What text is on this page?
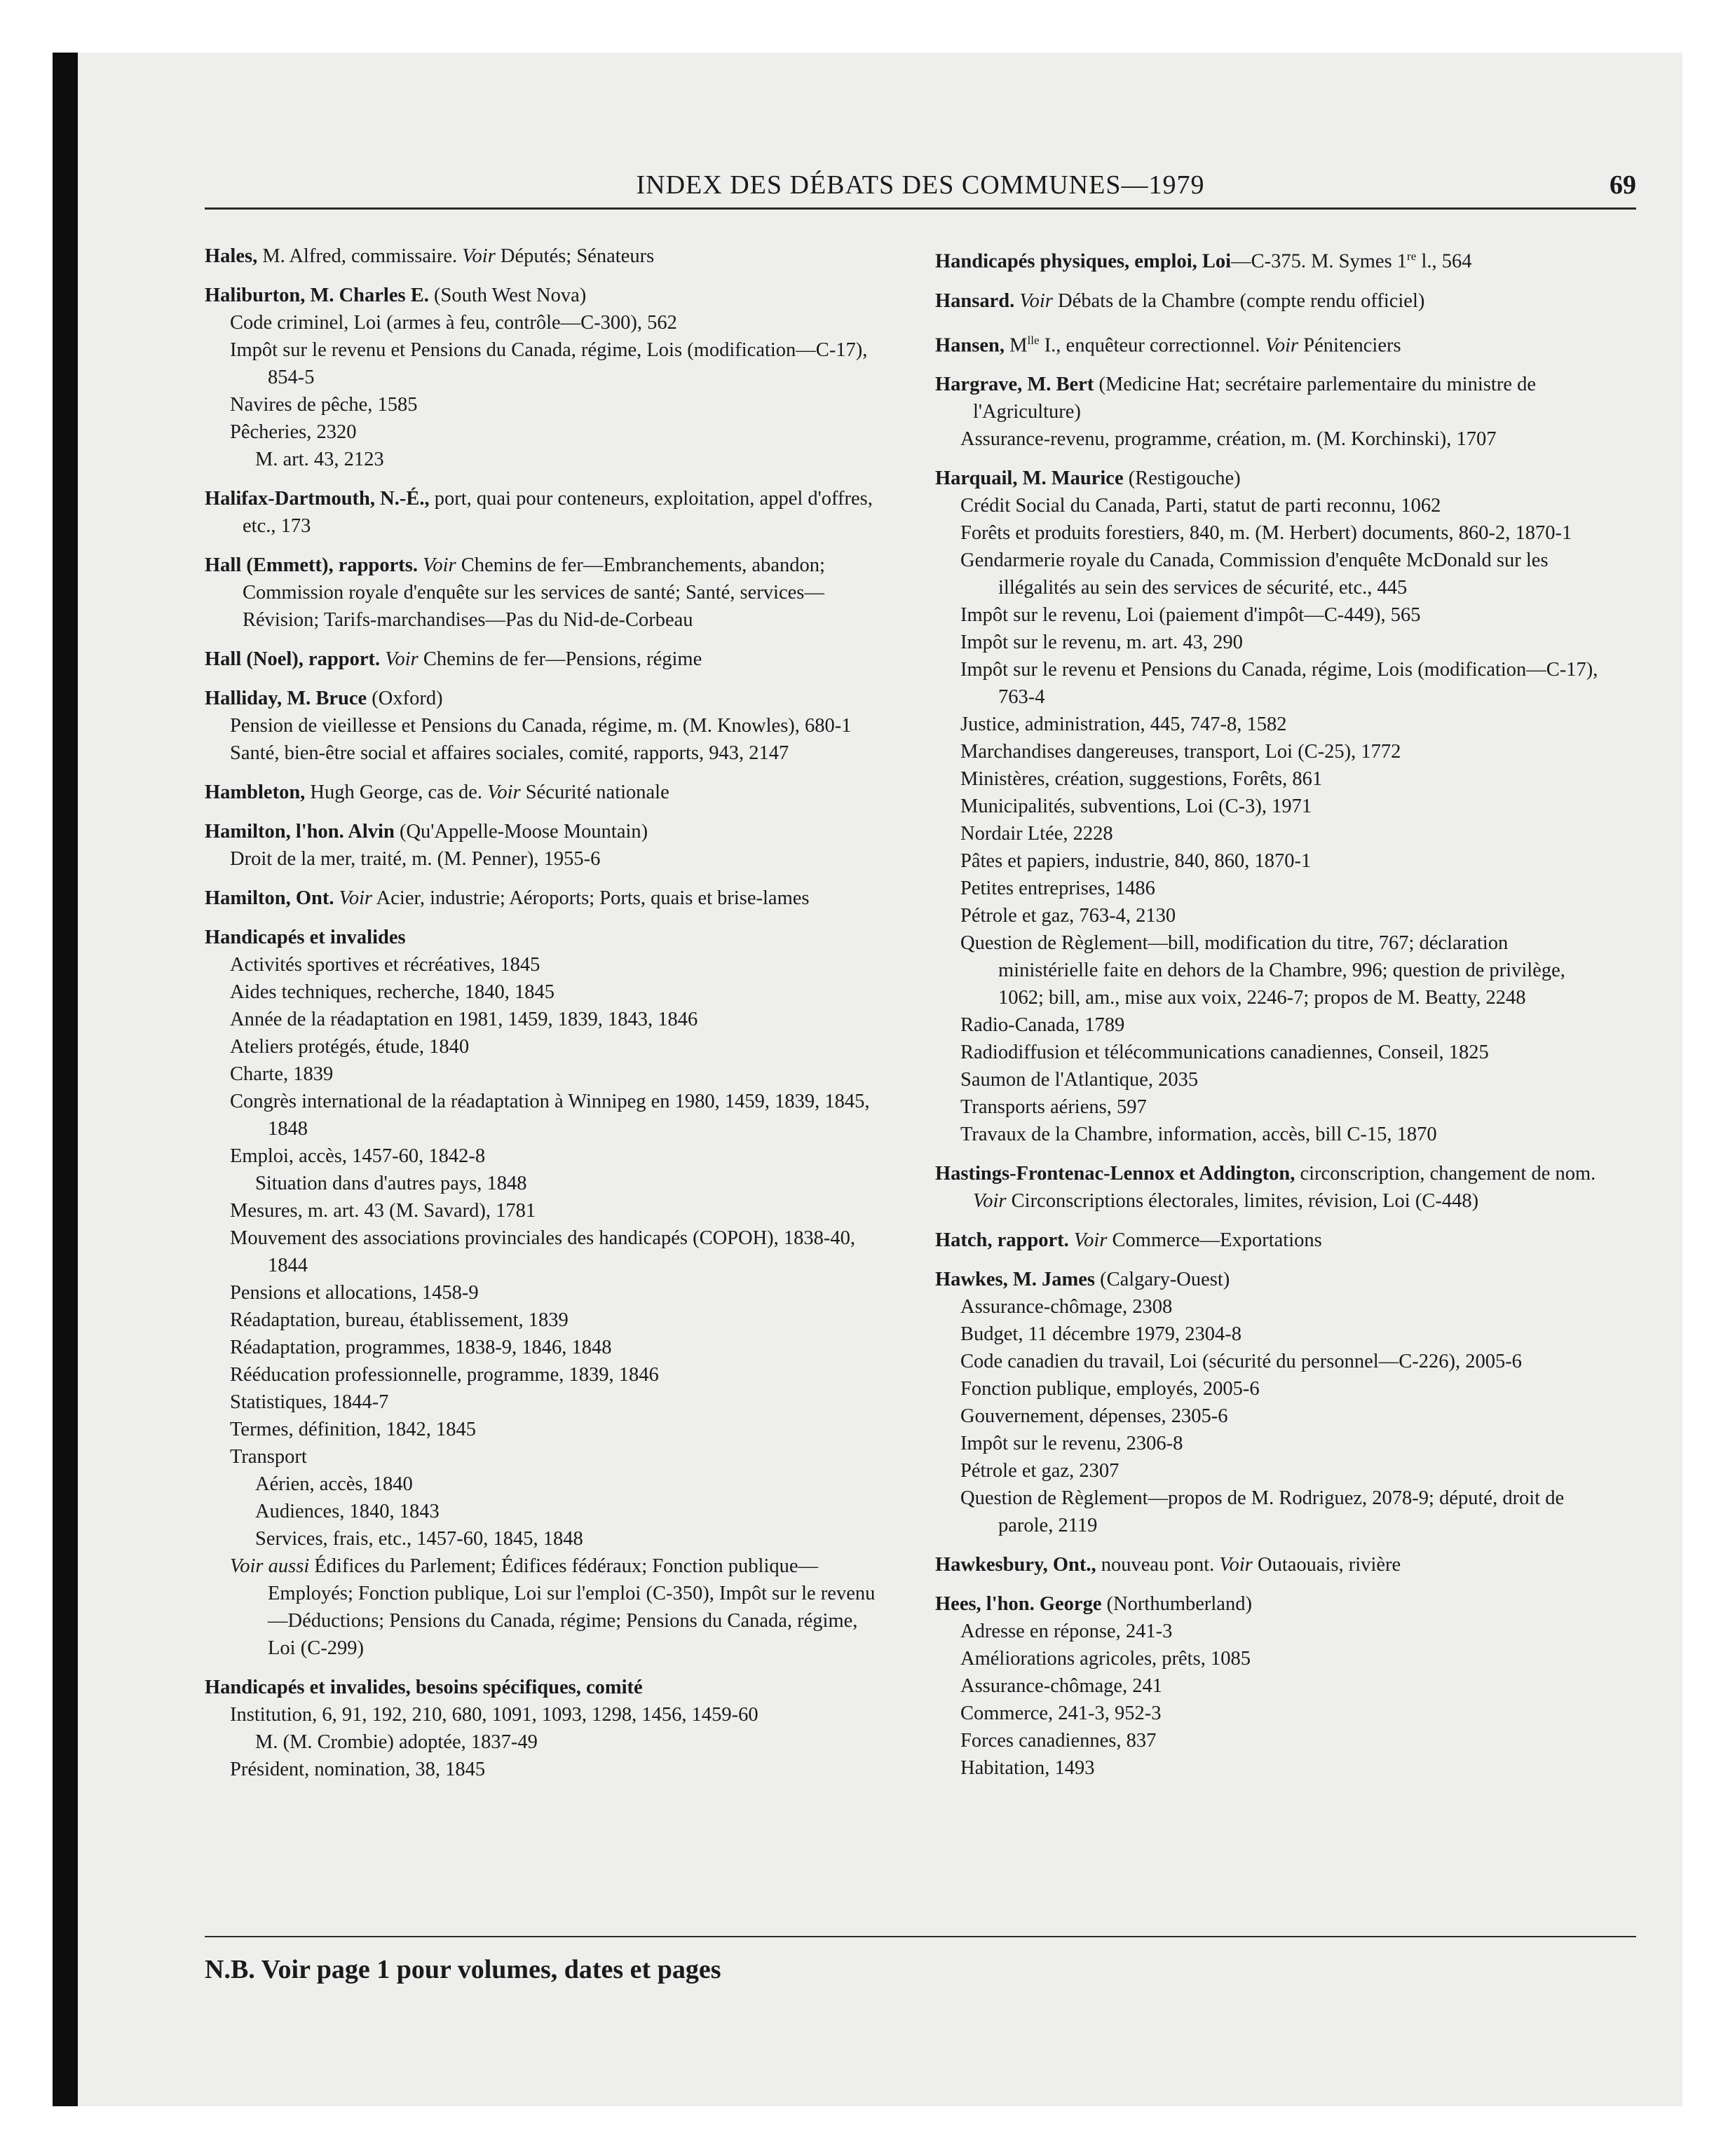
INDEX DES DÉBATS DES COMMUNES—1979	69
Hales, M. Alfred, commissaire. Voir Députés; Sénateurs
Haliburton, M. Charles E. (South West Nova)
Code criminel, Loi (armes à feu, contrôle—C-300), 562
Impôt sur le revenu et Pensions du Canada, régime, Lois (modification—C-17), 854-5
Navires de pêche, 1585
Pêcheries, 2320
M. art. 43, 2123
Halifax-Dartmouth, N.-É., port, quai pour conteneurs, exploitation, appel d'offres, etc., 173
Hall (Emmett), rapports. Voir Chemins de fer—Embranchements, abandon; Commission royale d'enquête sur les services de santé; Santé, services—Révision; Tarifs-marchandises—Pas du Nid-de-Corbeau
Hall (Noel), rapport. Voir Chemins de fer—Pensions, régime
Halliday, M. Bruce (Oxford)
Pension de vieillesse et Pensions du Canada, régime, m. (M. Knowles), 680-1
Santé, bien-être social et affaires sociales, comité, rapports, 943, 2147
Hambleton, Hugh George, cas de. Voir Sécurité nationale
Hamilton, l'hon. Alvin (Qu'Appelle-Moose Mountain)
Droit de la mer, traité, m. (M. Penner), 1955-6
Hamilton, Ont. Voir Acier, industrie; Aéroports; Ports, quais et brise-lames
Handicapés et invalides
Activités sportives et récréatives, 1845
Aides techniques, recherche, 1840, 1845
Année de la réadaptation en 1981, 1459, 1839, 1843, 1846
Ateliers protégés, étude, 1840
Charte, 1839
Congrès international de la réadaptation à Winnipeg en 1980, 1459, 1839, 1845, 1848
Emploi, accès, 1457-60, 1842-8
Situation dans d'autres pays, 1848
Mesures, m. art. 43 (M. Savard), 1781
Mouvement des associations provinciales des handicapés (COPOH), 1838-40, 1844
Pensions et allocations, 1458-9
Réadaptation, bureau, établissement, 1839
Réadaptation, programmes, 1838-9, 1846, 1848
Rééducation professionnelle, programme, 1839, 1846
Statistiques, 1844-7
Termes, définition, 1842, 1845
Transport
Aérien, accès, 1840
Audiences, 1840, 1843
Services, frais, etc., 1457-60, 1845, 1848
Voir aussi Édifices du Parlement; Édifices fédéraux; Fonction publique—Employés; Fonction publique, Loi sur l'emploi (C-350), Impôt sur le revenu—Déductions; Pensions du Canada, régime; Pensions du Canada, régime, Loi (C-299)
Handicapés et invalides, besoins spécifiques, comité
Institution, 6, 91, 192, 210, 680, 1091, 1093, 1298, 1456, 1459-60
M. (M. Crombie) adoptée, 1837-49
Président, nomination, 38, 1845
Handicapés physiques, emploi, Loi—C-375. M. Symes 1re l., 564
Hansard. Voir Débats de la Chambre (compte rendu officiel)
Hansen, $M^{lle}$ I., enquêteur correctionnel. Voir Pénitenciers
Hargrave, M. Bert (Medicine Hat; secrétaire parlementaire du ministre de l'Agriculture)
Assurance-revenu, programme, création, m. (M. Korchinski), 1707
Harquail, M. Maurice (Restigouche)
Crédit Social du Canada, Parti, statut de parti reconnu, 1062
Forêts et produits forestiers, 840, m. (M. Herbert) documents, 860-2, 1870-1
Gendarmerie royale du Canada, Commission d'enquête McDonald sur les illégalités au sein des services de sécurité, etc., 445
Impôt sur le revenu, Loi (paiement d'impôt—C-449), 565
Impôt sur le revenu, m. art. 43, 290
Impôt sur le revenu et Pensions du Canada, régime, Lois (modification—C-17), 763-4
Justice, administration, 445, 747-8, 1582
Marchandises dangereuses, transport, Loi (C-25), 1772
Ministères, création, suggestions, Forêts, 861
Municipalités, subventions, Loi (C-3), 1971
Nordair Ltée, 2228
Pâtes et papiers, industrie, 840, 860, 1870-1
Petites entreprises, 1486
Pétrole et gaz, 763-4, 2130
Question de Règlement—bill, modification du titre, 767; déclaration ministérielle faite en dehors de la Chambre, 996; question de privilège, 1062; bill, am., mise aux voix, 2246-7; propos de M. Beatty, 2248
Radio-Canada, 1789
Radiodiffusion et télécommunications canadiennes, Conseil, 1825
Saumon de l'Atlantique, 2035
Transports aériens, 597
Travaux de la Chambre, information, accès, bill C-15, 1870
Hastings-Frontenac-Lennox et Addington, circonscription, changement de nom. Voir Circonscriptions électorales, limites, révision, Loi (C-448)
Hatch, rapport. Voir Commerce—Exportations
Hawkes, M. James (Calgary-Ouest)
Assurance-chômage, 2308
Budget, 11 décembre 1979, 2304-8
Code canadien du travail, Loi (sécurité du personnel—C-226), 2005-6
Fonction publique, employés, 2005-6
Gouvernement, dépenses, 2305-6
Impôt sur le revenu, 2306-8
Pétrole et gaz, 2307
Question de Règlement—propos de M. Rodriguez, 2078-9; député, droit de parole, 2119
Hawkesbury, Ont., nouveau pont. Voir Outaouais, rivière
Hees, l'hon. George (Northumberland)
Adresse en réponse, 241-3
Améliorations agricoles, prêts, 1085
Assurance-chômage, 241
Commerce, 241-3, 952-3
Forces canadiennes, 837
Habitation, 1493
N.B. Voir page 1 pour volumes, dates et pages
